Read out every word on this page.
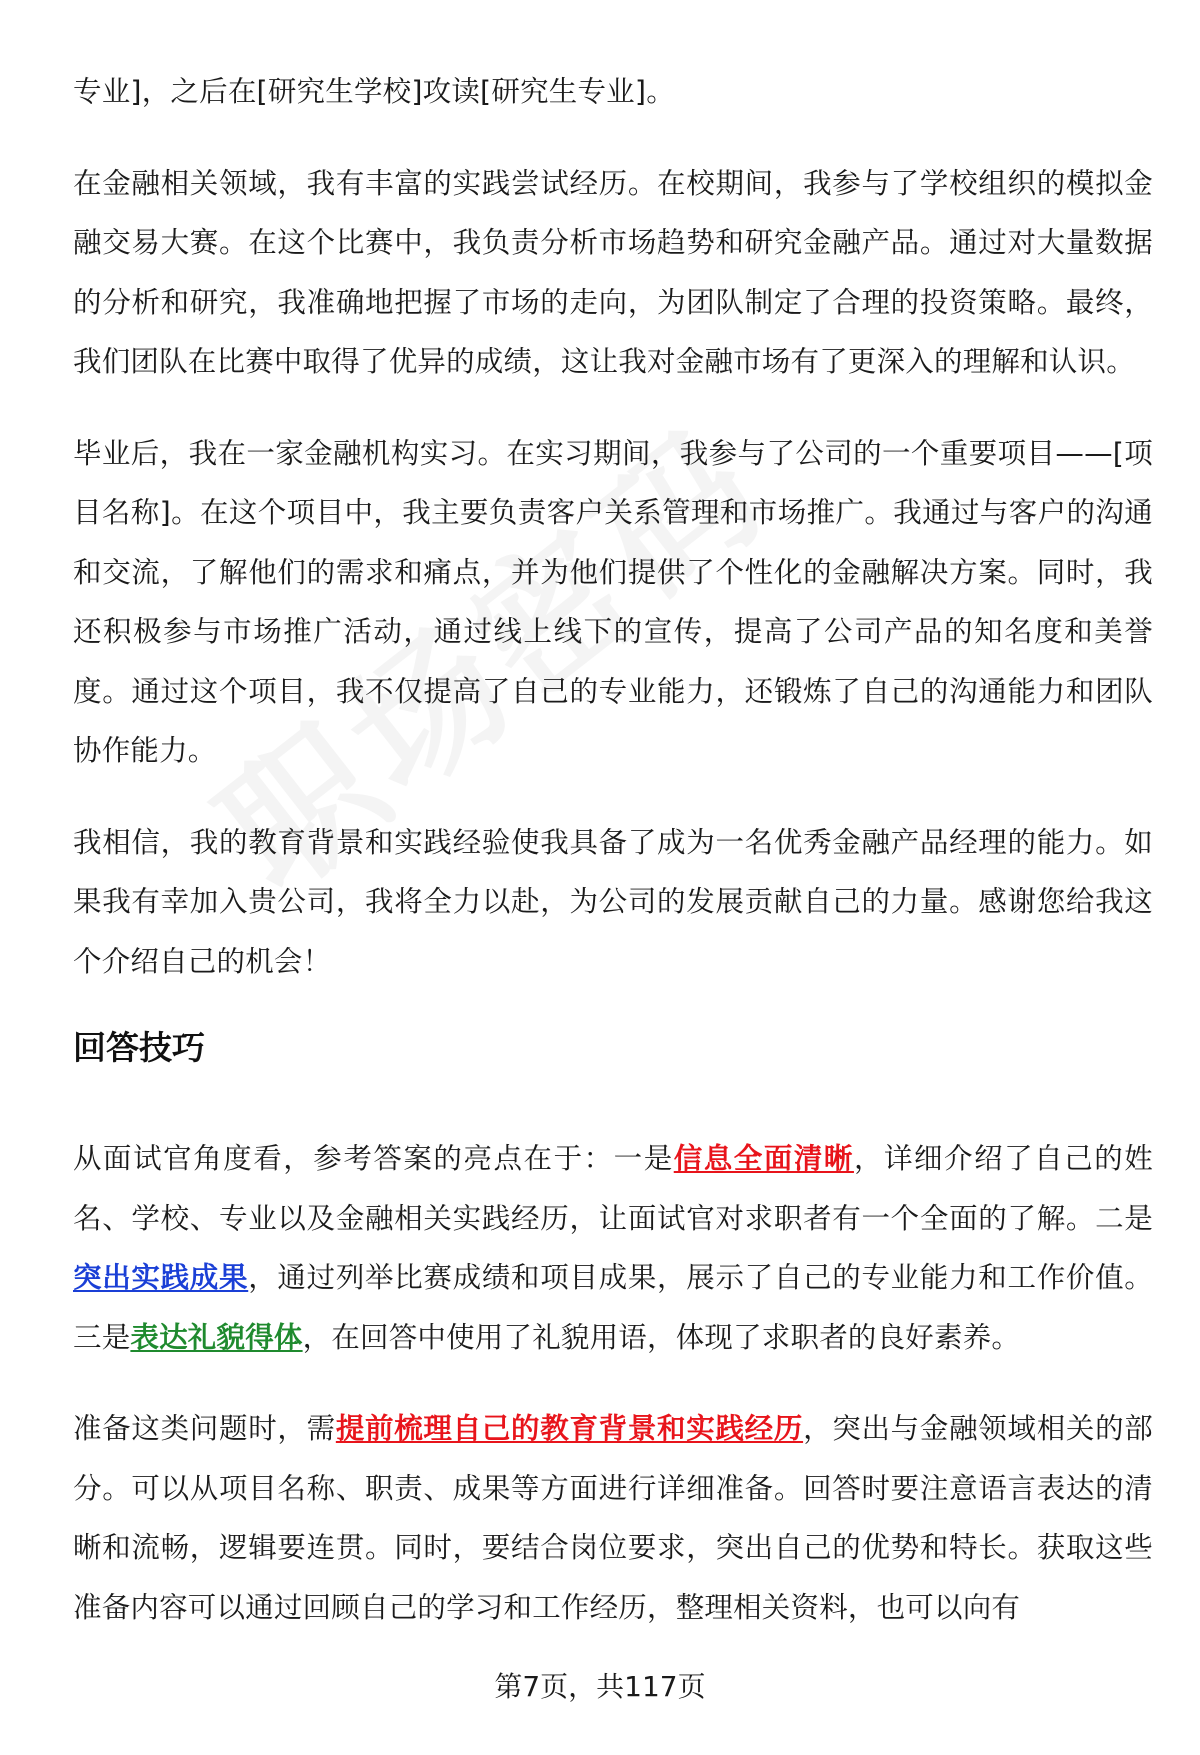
专业]，之后在[研究生学校]攻读[研究生专业]。

在金融相关领域，我有丰富的实践尝试经历。在校期间，我参与了学校组织的模拟金融交易大赛。在这个比赛中，我负责分析市场趋势和研究金融产品。通过对大量数据的分析和研究，我准确地把握了市场的走向，为团队制定了合理的投资策略。最终，我们团队在比赛中取得了优异的成绩，这让我对金融市场有了更深入的理解和认识。

毕业后，我在一家金融机构实习。在实习期间，我参与了公司的一个重要项目——[项目名称]。在这个项目中，我主要负责客户关系管理和市场推广。我通过与客户的沟通和交流，了解他们的需求和痛点，并为他们提供了个性化的金融解决方案。同时，我还积极参与市场推广活动，通过线上线下的宣传，提高了公司产品的知名度和美誉度。通过这个项目，我不仅提高了自己的专业能力，还锻炼了自己的沟通能力和团队协作能力。

我相信，我的教育背景和实践经验使我具备了成为一名优秀金融产品经理的能力。如果我有幸加入贵公司，我将全力以赴，为公司的发展贡献自己的力量。感谢您给我这个介绍自己的机会！

回答技巧

从面试官角度看，参考答案的亮点在于：一是信息全面清晰，详细介绍了自己的姓名、学校、专业以及金融相关实践经历，让面试官对求职者有一个全面的了解。二是突出实践成果，通过列举比赛成绩和项目成果，展示了自己的专业能力和工作价值。三是表达礼貌得体，在回答中使用了礼貌用语，体现了求职者的良好素养。

准备这类问题时，需提前梳理自己的教育背景和实践经历，突出与金融领域相关的部分。可以从项目名称、职责、成果等方面进行详细准备。回答时要注意语言表达的清晰和流畅，逻辑要连贯。同时，要结合岗位要求，突出自己的优势和特长。获取这些准备内容可以通过回顾自己的学习和工作经历，整理相关资料，也可以向有

第7页，共117页
